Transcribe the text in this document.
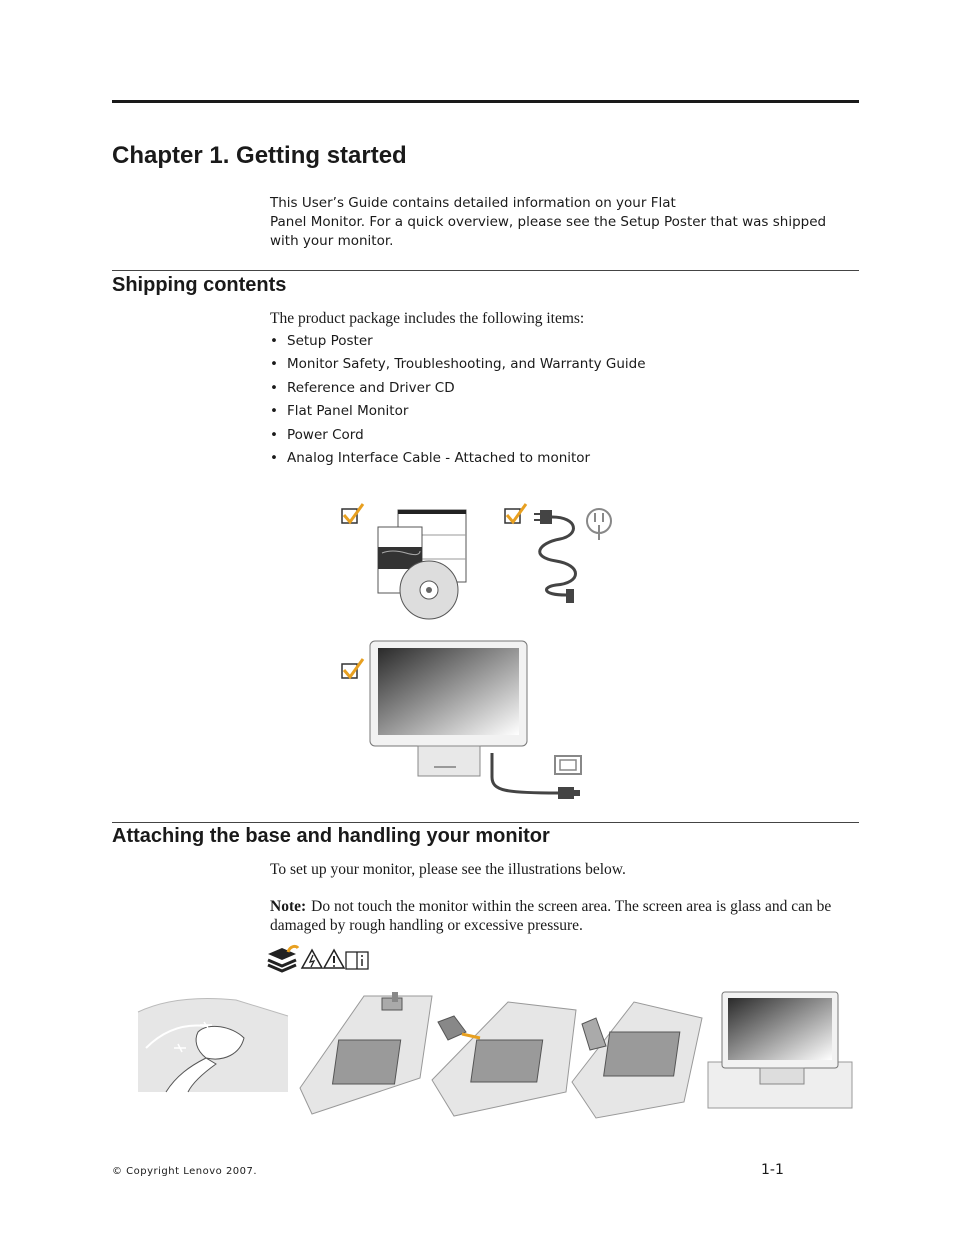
Chapter 1. Getting started

This User’s Guide contains detailed information on your Flat
Panel Monitor. For a quick overview, please see the Setup Poster that was shipped
with your monitor.

Shipping contents

The product package includes the following items:

• Setup Poster
• Monitor Safety, Troubleshooting, and Warranty Guide
• Reference and Driver CD
• Flat Panel Monitor
• Power Cord
• Analog Interface Cable - Attached to monitor
Attaching the base and handling your monitor

To set up your monitor, please see the illustrations below.

Note: Do not touch the monitor within the screen area. The screen area is glass and can be damaged by rough handling or excessive pressure.

© Copyright Lenovo 2007.	1-1
